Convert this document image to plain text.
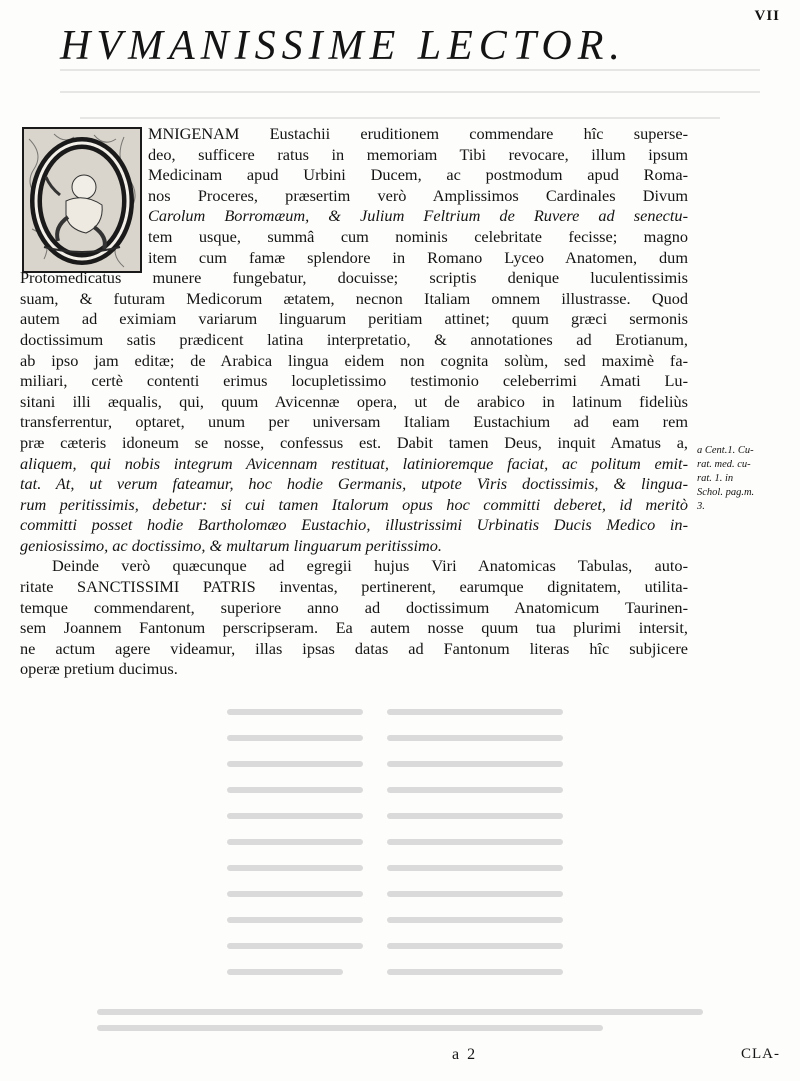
VII
HVMANISSIME LECTOR.
MNIGENAM Eustachii eruditionem commendare hîc superse-
deo, sufficere ratus in memoriam Tibi revocare, illum ipsum
Medicinam apud Urbini Ducem, ac postmodum apud Roma-
nos Proceres, præsertim verò Amplissimos Cardinales Divum
Carolum Borromæum, & Julium Feltrium de Ruvere ad senectu-
tem usque, summâ cum nominis celebritate fecisse; magno
item cum famæ splendore in Romano Lyceo Anatomen, dum
Protomedicatus munere fungebatur, docuisse; scriptis denique luculentissimis
suam, & futuram Medicorum ætatem, necnon Italiam omnem illustrasse. Quod
autem ad eximiam variarum linguarum peritiam attinet; quum græci sermonis
doctissimum satis prædicent latina interpretatio, & annotationes ad Erotianum,
ab ipso jam editæ; de Arabica lingua eidem non cognita solùm, sed maximè fa-
miliari, certè contenti erimus locupletissimo testimonio celeberrimi Amati Lu-
sitani illi æqualis, qui, quum Avicennæ opera, ut de arabico in latinum fideliùs
transferrentur, optaret, unum per universam Italiam Eustachium ad eam rem
præ cæteris idoneum se nosse, confessus est. Dabit tamen Deus, inquit Amatus a,
aliquem, qui nobis integrum Avicennam restituat, latinioremque faciat, ac politum emit-
tat. At, ut verum fateamur, hoc hodie Germanis, utpote Viris doctissimis, & lingua-
rum peritissimis, debetur: si cui tamen Italorum opus hoc committi deberet, id meritò
committi posset hodie Bartholomæo Eustachio, illustrissimi Urbinatis Ducis Medico in-
geniosissimo, ac doctissimo, & multarum linguarum peritissimo.
Deinde verò quæcunque ad egregii hujus Viri Anatomicas Tabulas, auto-
ritate SANCTISSIMI PATRIS inventas, pertinerent, earumque dignitatem, utilita-
temque commendarent, superiore anno ad doctissimum Anatomicum Taurinen-
sem Joannem Fantonum perscripseram. Ea autem nosse quum tua plurimi intersit,
ne actum agere videamur, illas ipsas datas ad Fantonum literas hîc subjicere
operæ pretium ducimus.
a Cent.1. Cu-
rat. med. cu-
rat. 1. in
Schol. pag.m.
3.
a 2	CLA-
